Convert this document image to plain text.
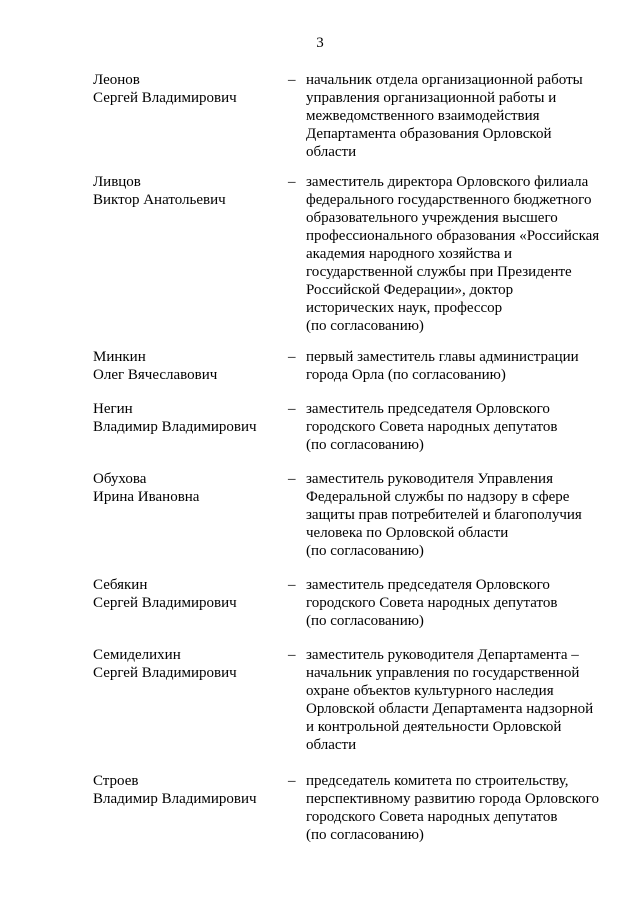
3
Леонов
Сергей Владимирович
– начальник отдела организационной работы
управления организационной работы и
межведомственного взаимодействия
Департамента образования Орловской
области
Ливцов
Виктор Анатольевич
– заместитель директора Орловского филиала
федерального государственного бюджетного
образовательного учреждения высшего
профессионального образования «Российская
академия народного хозяйства и
государственной службы при Президенте
Российской Федерации», доктор
исторических наук, профессор
(по согласованию)
Минкин
Олег Вячеславович
– первый заместитель главы администрации
города Орла (по согласованию)
Негин
Владимир Владимирович
– заместитель председателя Орловского
городского Совета народных депутатов
(по согласованию)
Обухова
Ирина Ивановна
– заместитель руководителя Управления
Федеральной службы по надзору в сфере
защиты прав потребителей и благополучия
человека по Орловской области
(по согласованию)
Себякин
Сергей Владимирович
– заместитель председателя Орловского
городского Совета народных депутатов
(по согласованию)
Семиделихин
Сергей Владимирович
– заместитель руководителя Департамента –
начальник управления по государственной
охране объектов культурного наследия
Орловской области Департамента надзорной
и контрольной деятельности Орловской
области
Строев
Владимир Владимирович
– председатель комитета по строительству,
перспективному развитию города Орловского
городского Совета народных депутатов
(по согласованию)
